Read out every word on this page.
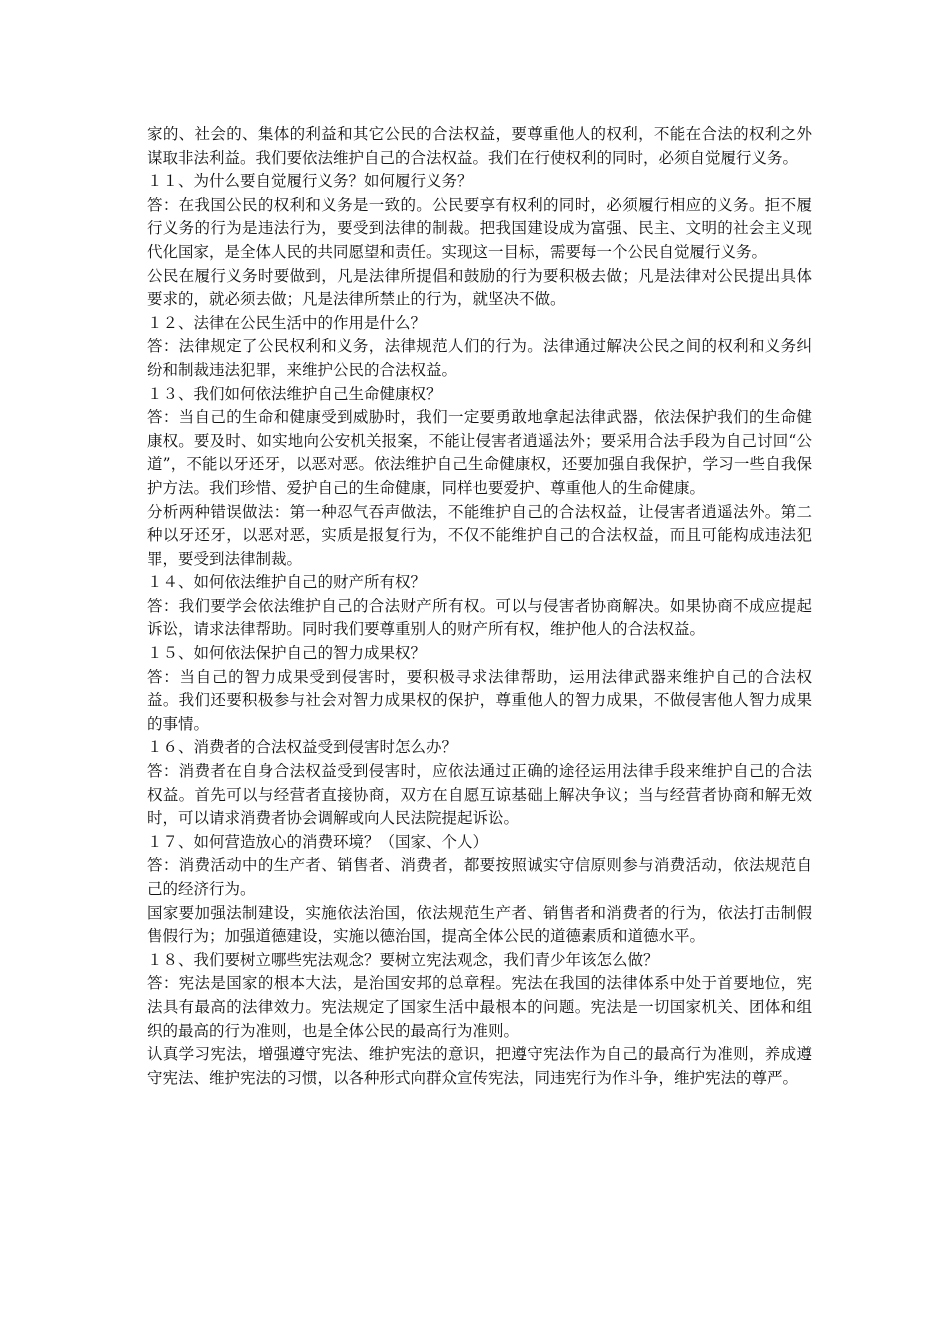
家的、社会的、集体的利益和其它公民的合法权益，要尊重他人的权利，不能在合法的权利之外谋取非法利益。我们要依法维护自己的合法权益。我们在行使权利的同时，必须自觉履行义务。

１１、为什么要自觉履行义务？如何履行义务？

答：在我国公民的权利和义务是一致的。公民要享有权利的同时，必须履行相应的义务。拒不履行义务的行为是违法行为，要受到法律的制裁。把我国建设成为富强、民主、文明的社会主义现代化国家，是全体人民的共同愿望和责任。实现这一目标，需要每一个公民自觉履行义务。

公民在履行义务时要做到，凡是法律所提倡和鼓励的行为要积极去做；凡是法律对公民提出具体要求的，就必须去做；凡是法律所禁止的行为，就坚决不做。

１２、法律在公民生活中的作用是什么？

答：法律规定了公民权利和义务，法律规范人们的行为。法律通过解决公民之间的权利和义务纠纷和制裁违法犯罪，来维护公民的合法权益。

１３、我们如何依法维护自己生命健康权？

答：当自己的生命和健康受到威胁时，我们一定要勇敢地拿起法律武器，依法保护我们的生命健康权。要及时、如实地向公安机关报案，不能让侵害者逍遥法外；要采用合法手段为自己讨回“公道”，不能以牙还牙，以恶对恶。依法维护自己生命健康权，还要加强自我保护，学习一些自我保护方法。我们珍惜、爱护自己的生命健康，同样也要爱护、尊重他人的生命健康。

分析两种错误做法：第一种忍气吞声做法，不能维护自己的合法权益，让侵害者逍遥法外。第二种以牙还牙，以恶对恶，实质是报复行为，不仅不能维护自己的合法权益，而且可能构成违法犯罪，要受到法律制裁。

１４、如何依法维护自己的财产所有权？

答：我们要学会依法维护自己的合法财产所有权。可以与侵害者协商解决。如果协商不成应提起诉讼，请求法律帮助。同时我们要尊重别人的财产所有权，维护他人的合法权益。

１５、如何依法保护自己的智力成果权？

答：当自己的智力成果受到侵害时，要积极寻求法律帮助，运用法律武器来维护自己的合法权益。我们还要积极参与社会对智力成果权的保护，尊重他人的智力成果，不做侵害他人智力成果的事情。

１６、消费者的合法权益受到侵害时怎么办？

答：消费者在自身合法权益受到侵害时，应依法通过正确的途径运用法律手段来维护自己的合法权益。首先可以与经营者直接协商，双方在自愿互谅基础上解决争议；当与经营者协商和解无效时，可以请求消费者协会调解或向人民法院提起诉讼。

１７、如何营造放心的消费环境？（国家、个人）

答：消费活动中的生产者、销售者、消费者，都要按照诚实守信原则参与消费活动，依法规范自己的经济行为。

国家要加强法制建设，实施依法治国，依法规范生产者、销售者和消费者的行为，依法打击制假售假行为；加强道德建设，实施以德治国，提高全体公民的道德素质和道德水平。

１８、我们要树立哪些宪法观念？要树立宪法观念，我们青少年该怎么做？

答：宪法是国家的根本大法，是治国安邦的总章程。宪法在我国的法律体系中处于首要地位，宪法具有最高的法律效力。宪法规定了国家生活中最根本的问题。宪法是一切国家机关、团体和组织的最高的行为准则，也是全体公民的最高行为准则。

认真学习宪法，增强遵守宪法、维护宪法的意识，把遵守宪法作为自己的最高行为准则，养成遵守宪法、维护宪法的习惯，以各种形式向群众宣传宪法，同违宪行为作斗争，维护宪法的尊严。
